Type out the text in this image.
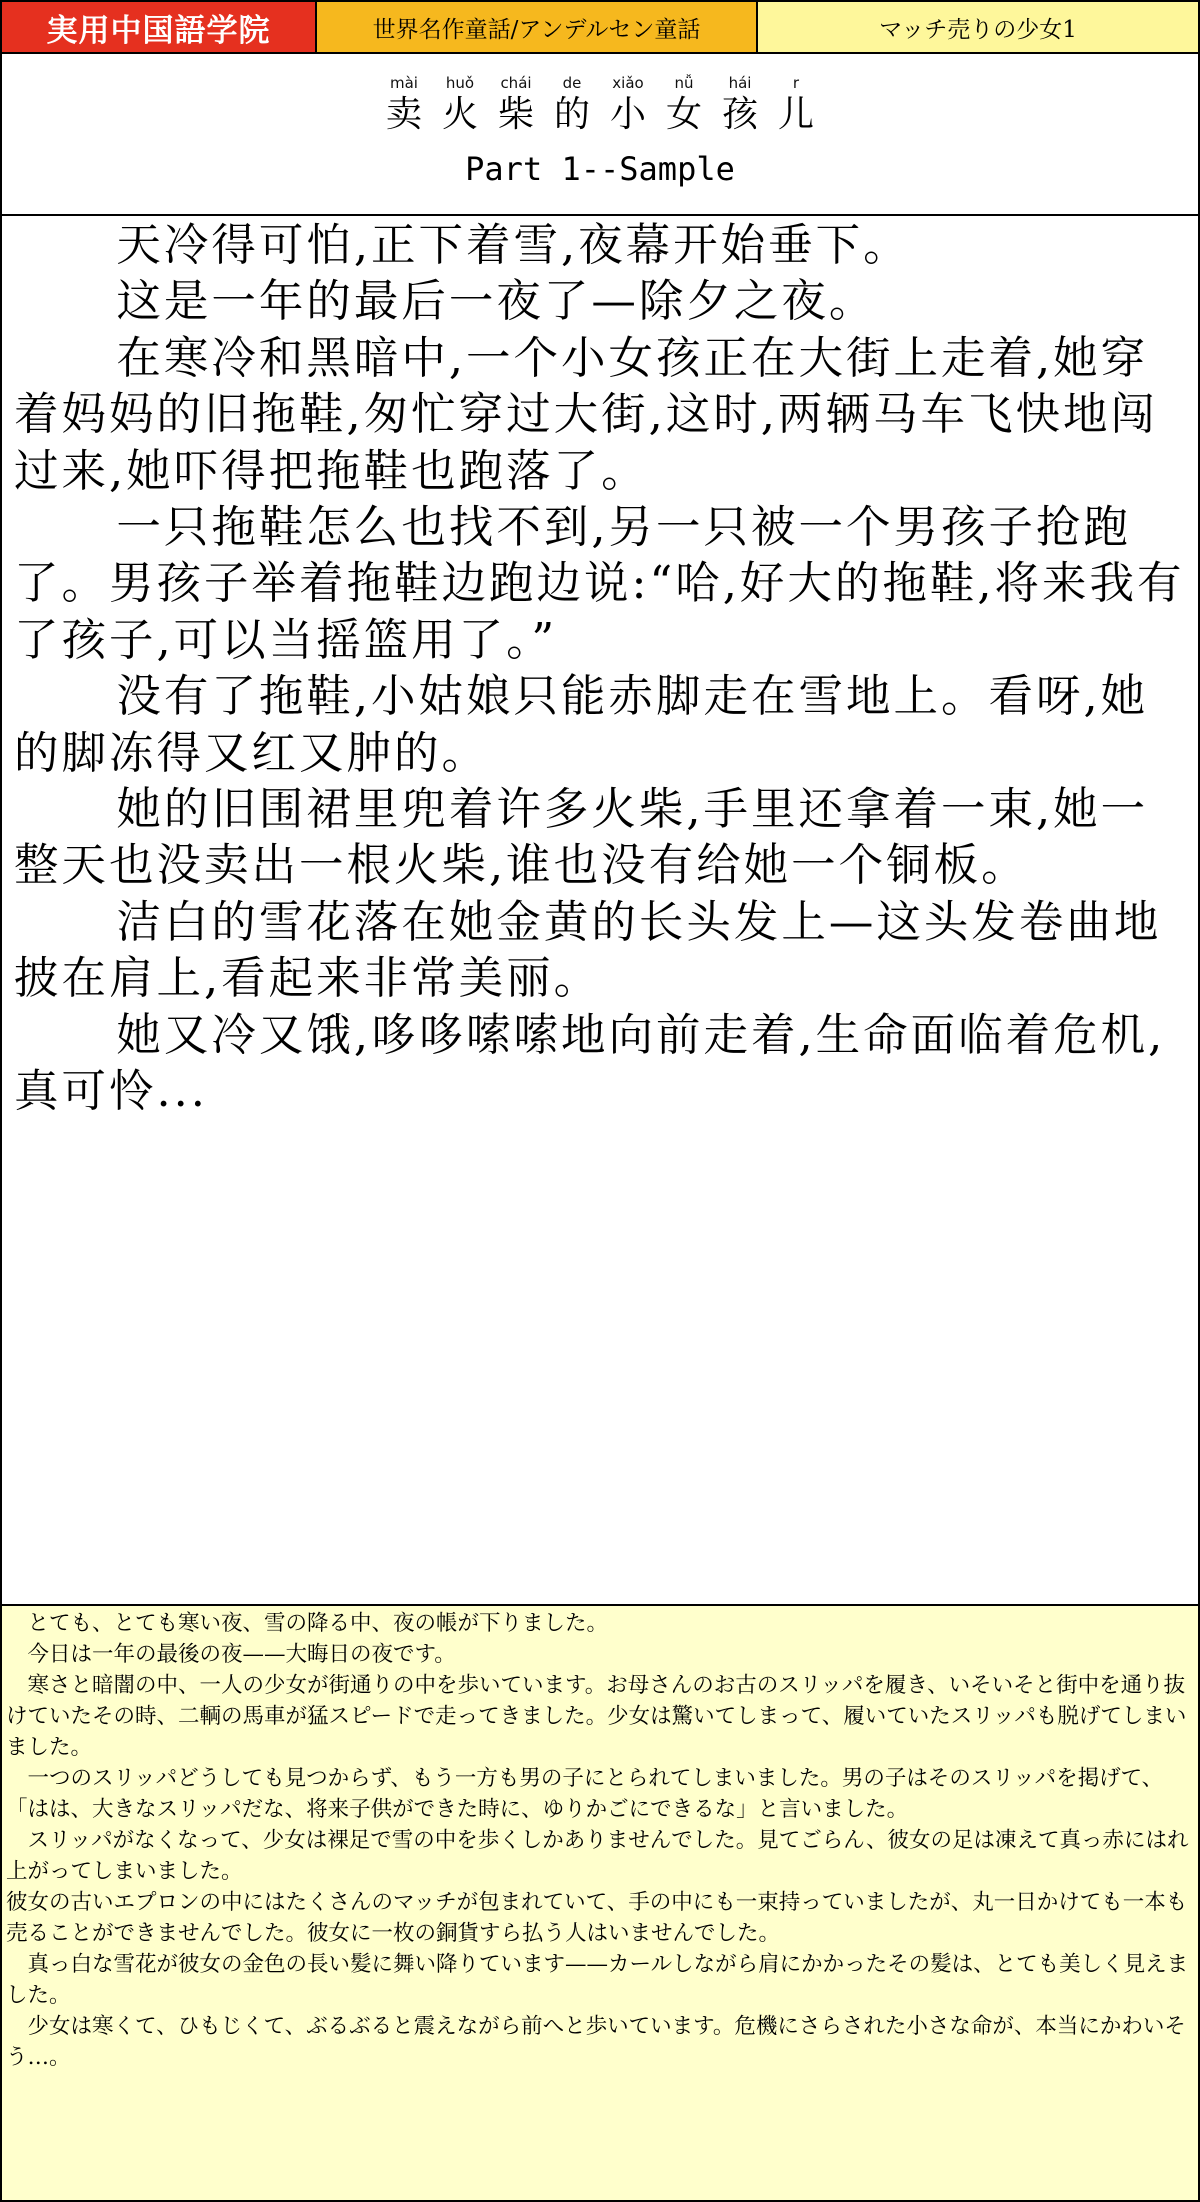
実用中国語学院	世界名作童話/アンデルセン童話	マッチ売りの少女1
mài
卖
huǒ
火
chái
柴
de
的
xiǎo
小
nǚ
女
hái
孩
r
儿
Part 1--Sample

天冷得可怕,正下着雪,夜幕开始垂下。

这是一年的最后一夜了—除夕之夜。

在寒冷和黑暗中,一个小女孩正在大街上走着,她穿着妈妈的旧拖鞋,匆忙穿过大街,这时,两辆马车飞快地闯过来,她吓得把拖鞋也跑落了。

一只拖鞋怎么也找不到,另一只被一个男孩子抢跑了。男孩子举着拖鞋边跑边说:“哈,好大的拖鞋,将来我有了孩子,可以当摇篮用了。”

没有了拖鞋,小姑娘只能赤脚走在雪地上。看呀,她的脚冻得又红又肿的。

她的旧围裙里兜着许多火柴,手里还拿着一束,她一整天也没卖出一根火柴,谁也没有给她一个铜板。

洁白的雪花落在她金黄的长头发上—这头发卷曲地披在肩上,看起来非常美丽。

她又冷又饿,哆哆嗦嗦地向前走着,生命面临着危机,真可怜...

とても、とても寒い夜、雪の降る中、夜の帳が下りました。

今日は一年の最後の夜——大晦日の夜です。

寒さと暗闇の中、一人の少女が街通りの中を歩いています。お母さんのお古のスリッパを履き、いそいそと街中を通り抜けていたその時、二輌の馬車が猛スピードで走ってきました。少女は驚いてしまって、履いていたスリッパも脱げてしまいました。

一つのスリッパどうしても見つからず、もう一方も男の子にとられてしまいました。男の子はそのスリッパを掲げて、「はは、大きなスリッパだな、将来子供ができた時に、ゆりかごにできるな」と言いました。

スリッパがなくなって、少女は裸足で雪の中を歩くしかありませんでした。見てごらん、彼女の足は凍えて真っ赤にはれ上がってしまいました。

彼女の古いエプロンの中にはたくさんのマッチが包まれていて、手の中にも一束持っていましたが、丸一日かけても一本も売ることができませんでした。彼女に一枚の銅貨すら払う人はいませんでした。

真っ白な雪花が彼女の金色の長い髪に舞い降りています——カールしながら肩にかかったその髪は、とても美しく見えました。

少女は寒くて、ひもじくて、ぶるぶると震えながら前へと歩いています。危機にさらされた小さな命が、本当にかわいそう…。
